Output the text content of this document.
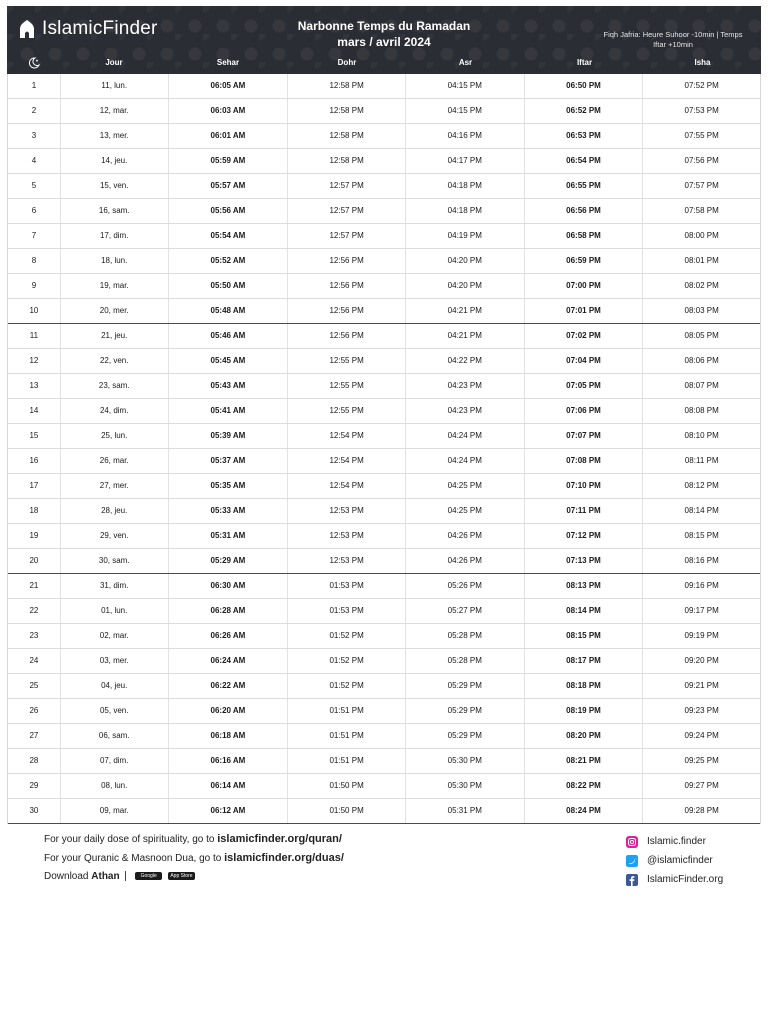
IslamicFinder	Narbonne Temps du Ramadan
mars / avril 2024
Fiqh Jafria: Heure Suhoor -10min | Temps Iftar +10min
Jour	Sehar	Dohr	Asr	Iftar	Isha
1	11, lun.	06:05 AM	12:58 PM	04:15 PM	06:50 PM	07:52 PM
2	12, mar.	06:03 AM	12:58 PM	04:15 PM	06:52 PM	07:53 PM
3	13, mer.	06:01 AM	12:58 PM	04:16 PM	06:53 PM	07:55 PM
4	14, jeu.	05:59 AM	12:58 PM	04:17 PM	06:54 PM	07:56 PM
5	15, ven.	05:57 AM	12:57 PM	04:18 PM	06:55 PM	07:57 PM
6	16, sam.	05:56 AM	12:57 PM	04:18 PM	06:56 PM	07:58 PM
7	17, dim.	05:54 AM	12:57 PM	04:19 PM	06:58 PM	08:00 PM
8	18, lun.	05:52 AM	12:56 PM	04:20 PM	06:59 PM	08:01 PM
9	19, mar.	05:50 AM	12:56 PM	04:20 PM	07:00 PM	08:02 PM
10	20, mer.	05:48 AM	12:56 PM	04:21 PM	07:01 PM	08:03 PM
11	21, jeu.	05:46 AM	12:56 PM	04:21 PM	07:02 PM	08:05 PM
12	22, ven.	05:45 AM	12:55 PM	04:22 PM	07:04 PM	08:06 PM
13	23, sam.	05:43 AM	12:55 PM	04:23 PM	07:05 PM	08:07 PM
14	24, dim.	05:41 AM	12:55 PM	04:23 PM	07:06 PM	08:08 PM
15	25, lun.	05:39 AM	12:54 PM	04:24 PM	07:07 PM	08:10 PM
16	26, mar.	05:37 AM	12:54 PM	04:24 PM	07:08 PM	08:11 PM
17	27, mer.	05:35 AM	12:54 PM	04:25 PM	07:10 PM	08:12 PM
18	28, jeu.	05:33 AM	12:53 PM	04:25 PM	07:11 PM	08:14 PM
19	29, ven.	05:31 AM	12:53 PM	04:26 PM	07:12 PM	08:15 PM
20	30, sam.	05:29 AM	12:53 PM	04:26 PM	07:13 PM	08:16 PM
21	31, dim.	06:30 AM	01:53 PM	05:26 PM	08:13 PM	09:16 PM
22	01, lun.	06:28 AM	01:53 PM	05:27 PM	08:14 PM	09:17 PM
23	02, mar.	06:26 AM	01:52 PM	05:28 PM	08:15 PM	09:19 PM
24	03, mer.	06:24 AM	01:52 PM	05:28 PM	08:17 PM	09:20 PM
25	04, jeu.	06:22 AM	01:52 PM	05:29 PM	08:18 PM	09:21 PM
26	05, ven.	06:20 AM	01:51 PM	05:29 PM	08:19 PM	09:23 PM
27	06, sam.	06:18 AM	01:51 PM	05:29 PM	08:20 PM	09:24 PM
28	07, dim.	06:16 AM	01:51 PM	05:30 PM	08:21 PM	09:25 PM
29	08, lun.	06:14 AM	01:50 PM	05:30 PM	08:22 PM	09:27 PM
30	09, mar.	06:12 AM	01:50 PM	05:31 PM	08:24 PM	09:28 PM
For your daily dose of spirituality, go to islamicfinder.org/quran/
For your Quranic & Masnoon Dua, go to islamicfinder.org/duas/
Download Athan	Google Play App Store
Islamic.finder
@islamicfinder
IslamicFinder.org
